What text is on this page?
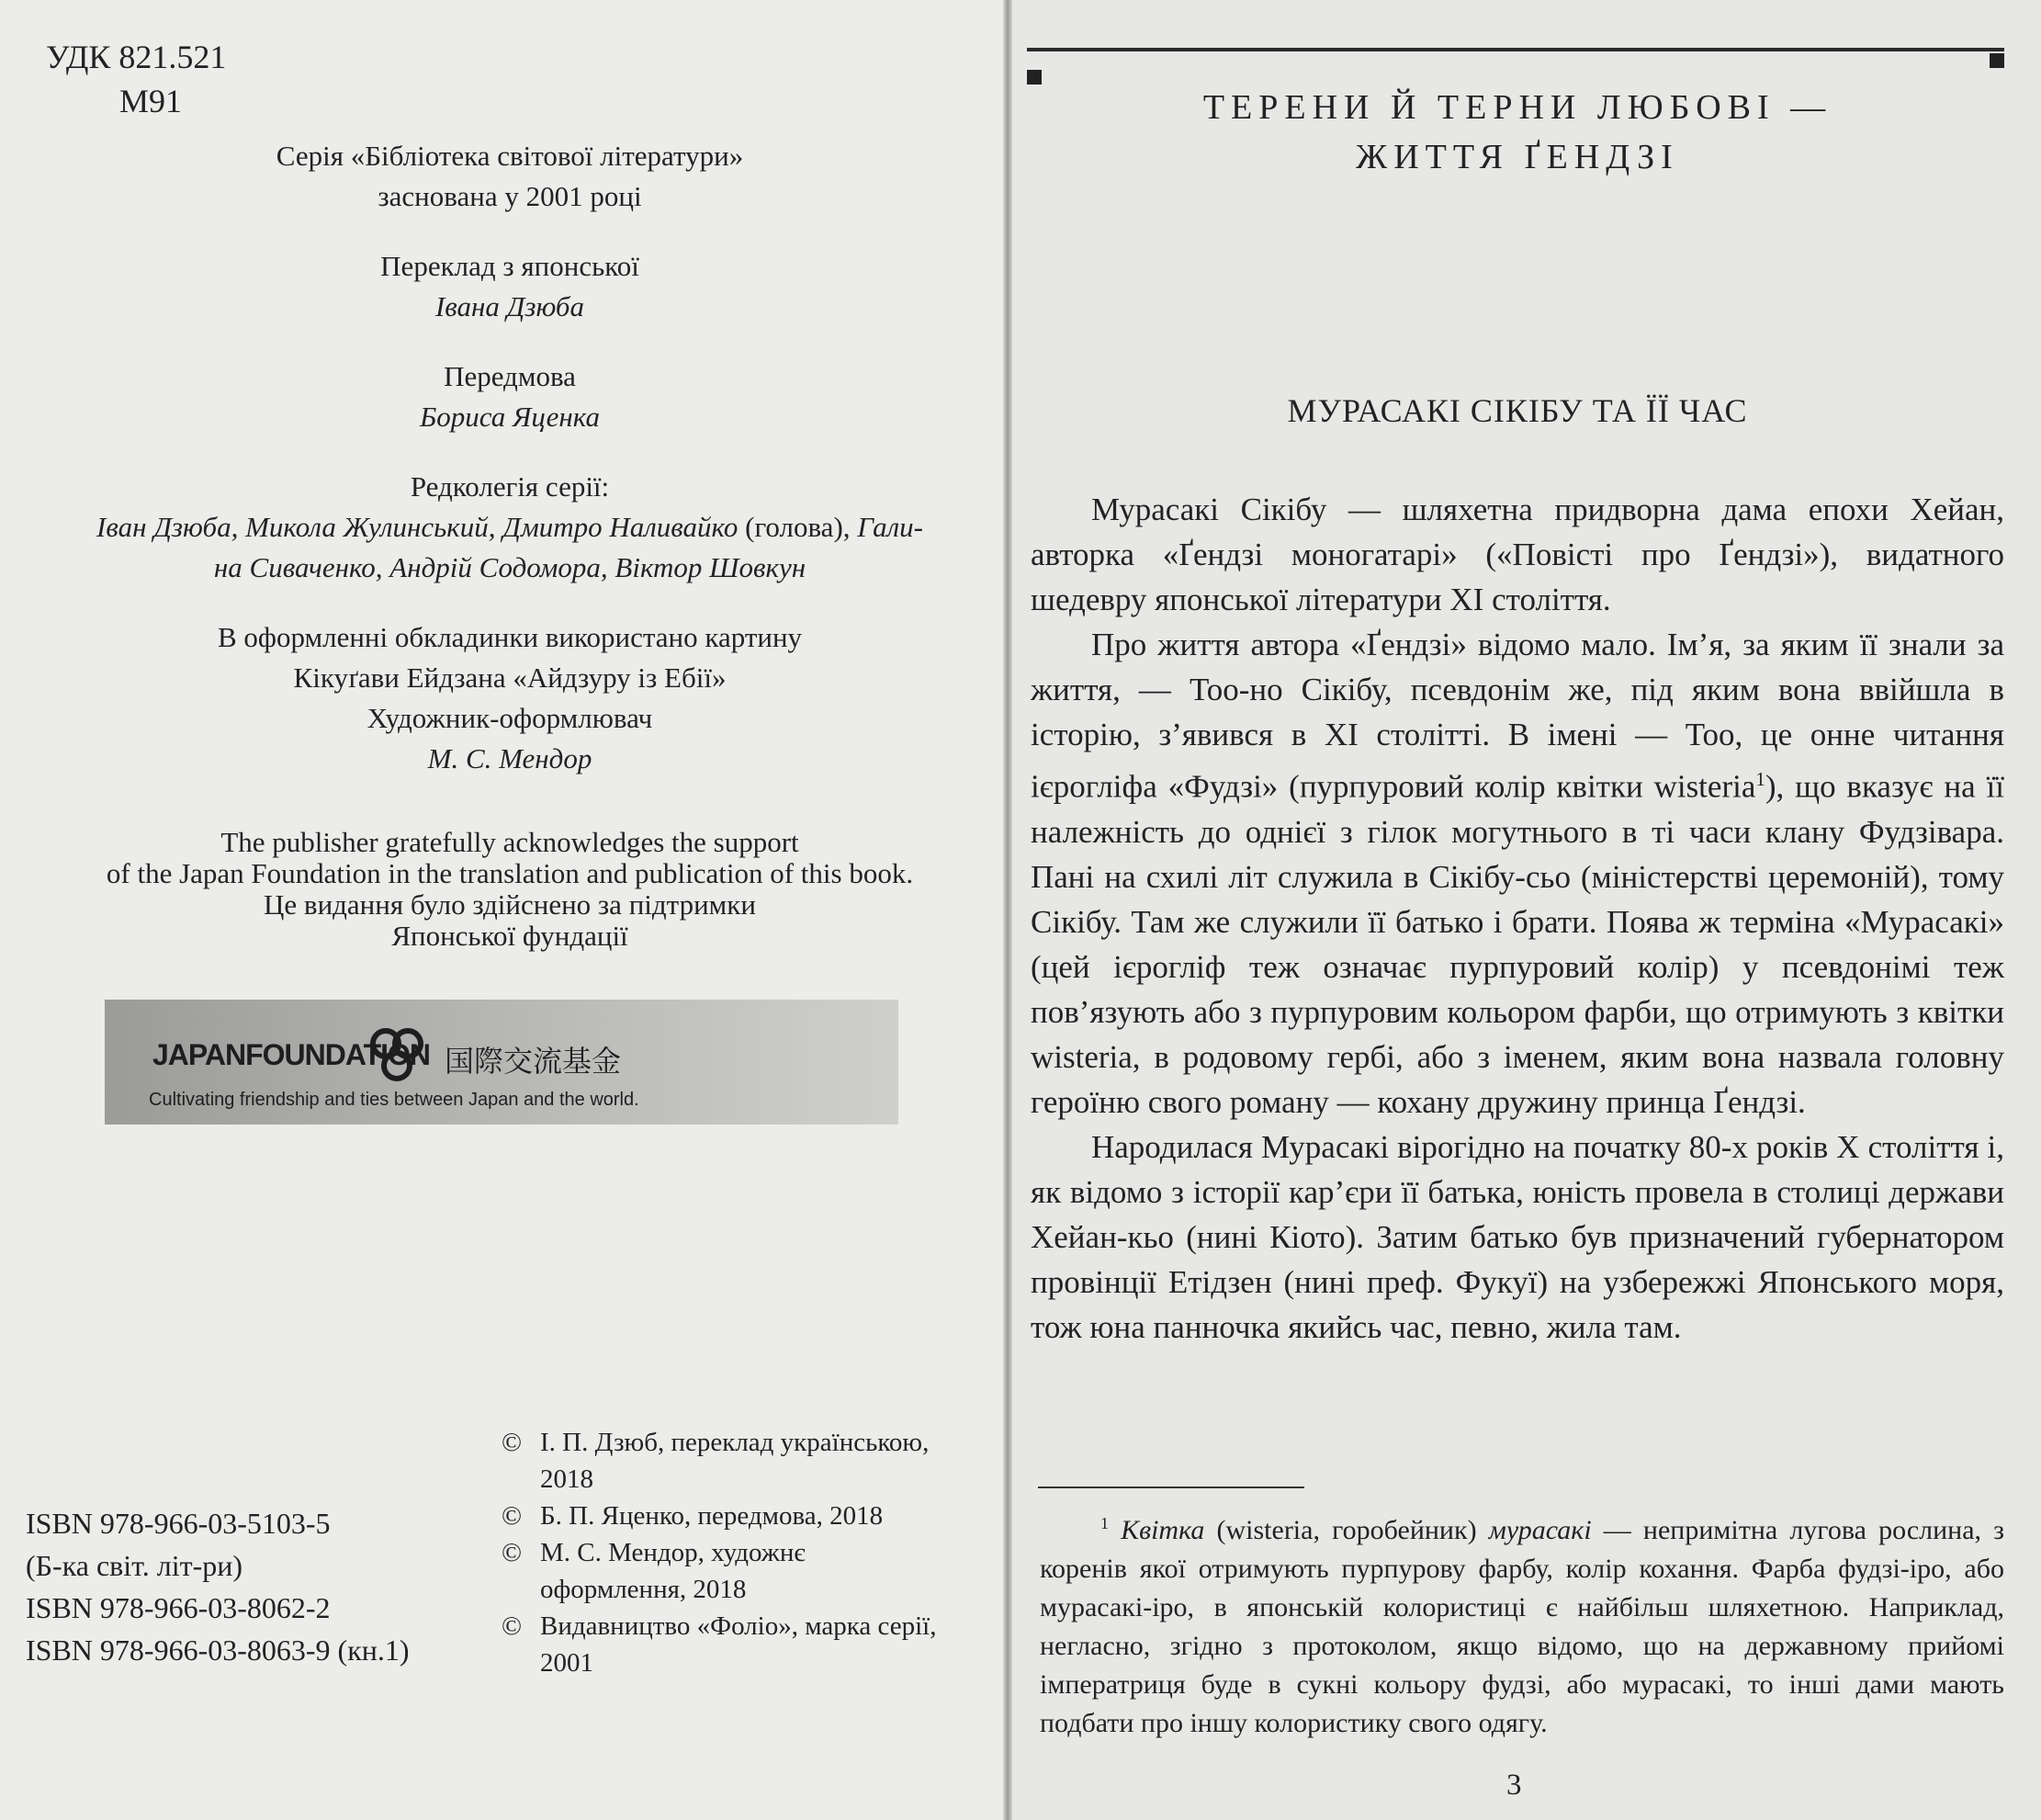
УДК 821.521
М91
Серія «Бібліотека світової літератури»
заснована у 2001 році
Переклад з японської
Івана Дзюба
Передмова
Бориса Яценка
Редколегія серії:
Іван Дзюба, Микола Жулинський, Дмитро Наливайко (голова), Гали-
на Сиваченко, Андрій Содомора, Віктор Шовкун
В оформленні обкладинки використано картину
Кікуґави Ейдзана «Айдзуру із Ебії»
Художник-оформлювач
М. С. Мендор
The publisher gratefully acknowledges the support
of the Japan Foundation in the translation and publication of this book.
Це видання було здійснено за підтримки
Японської фундації
JAPANFOUNDATION 国際交流基金
Cultivating friendship and ties between Japan and the world.
© І. П. Дзюб, переклад українською,
2018
© Б. П. Яценко, передмова, 2018
© М. С. Мендор, художнє
оформлення, 2018
© Видавництво «Фоліо», марка серії,
2001
ISBN 978-966-03-5103-5
(Б-ка світ. літ-ри)
ISBN 978-966-03-8062-2
ISBN 978-966-03-8063-9 (кн.1)
ТЕРЕНИ Й ТЕРНИ ЛЮБОВІ —
ЖИТТЯ ҐЕНДЗІ
МУРАСАКІ СІКІБУ ТА ЇЇ ЧАС

Мурасакі Сікібу — шляхетна придворна дама епохи Хейан, авторка «Ґендзі моногатарі» («Повісті про Ґендзі»), видатного шедевру японської літератури XI століття.

Про життя автора «Ґендзі» відомо мало. Ім’я, за яким її знали за життя, — Тоо-но Сікібу, псевдонім же, під яким вона ввійшла в історію, з’явився в XI столітті. В імені — Тоо, це онне читання ієрогліфа «Фудзі» (пурпуровий колір квітки wisteria$^1$), що вказує на її належність до однієї з гілок могутнього в ті часи клану Фудзівара. Пані на схилі літ служила в Сікібу-сьо (міністерстві церемоній), тому Сікібу. Там же служили її батько і брати. Поява ж терміна «Мурасакі» (цей ієрогліф теж означає пурпуровий колір) у псевдонімі теж пов’язують або з пурпуровим кольором фарби, що отримують з квітки wisteria, в родовому гербі, або з іменем, яким вона назвала головну героїню свого роману — кохану дружину принца Ґендзі.

Народилася Мурасакі вірогідно на початку 80-х років X століття і, як відомо з історії кар’єри її батька, юність провела в столиці держави Хейан-кьо (нині Кіото). Затим батько був призначений губернатором провінції Етідзен (нині преф. Фукуї) на узбережжі Японського моря, тож юна панночка якийсь час, певно, жила там.

$^1$ Квітка (wisteria, горобейник) мурасакі — непримітна лугова рослина, з коренів якої отримують пурпурову фарбу, колір кохання. Фарба фудзі-іро, або мурасакі-іро, в японській колористиці є найбільш шляхетною. Наприклад, негласно, згідно з протоколом, якщо відомо, що на державному прийомі імператриця буде в сукні кольору фудзі, або мурасакі, то інші дами мають подбати про іншу колористику свого одягу.

3
